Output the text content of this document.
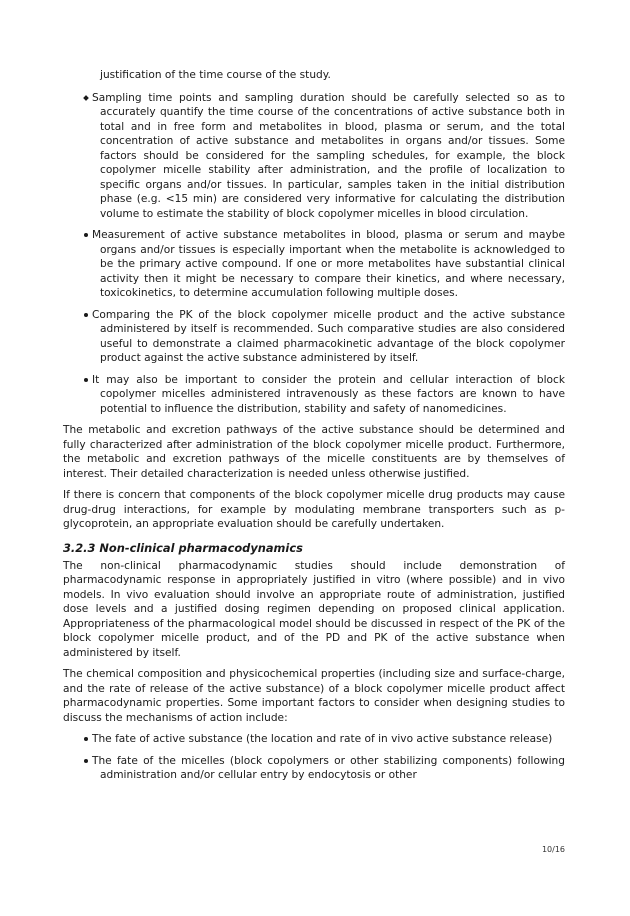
justification of the time course of the study.

Sampling time points and sampling duration should be carefully selected so as to accurately quantify the time course of the concentrations of active substance both in total and in free form and metabolites in blood, plasma or serum, and the total concentration of active substance and metabolites in organs and/or tissues. Some factors should be considered for the sampling schedules, for example, the block copolymer micelle stability after administration, and the profile of localization to specific organs and/or tissues. In particular, samples taken in the initial distribution phase (e.g. <15 min) are considered very informative for calculating the distribution volume to estimate the stability of block copolymer micelles in blood circulation.

Measurement of active substance metabolites in blood, plasma or serum and maybe organs and/or tissues is especially important when the metabolite is acknowledged to be the primary active compound. If one or more metabolites have substantial clinical activity then it might be necessary to compare their kinetics, and where necessary, toxicokinetics, to determine accumulation following multiple doses.

Comparing the PK of the block copolymer micelle product and the active substance administered by itself is recommended. Such comparative studies are also considered useful to demonstrate a claimed pharmacokinetic advantage of the block copolymer product against the active substance administered by itself.

It may also be important to consider the protein and cellular interaction of block copolymer micelles administered intravenously as these factors are known to have potential to influence the distribution, stability and safety of nanomedicines.

The metabolic and excretion pathways of the active substance should be determined and fully characterized after administration of the block copolymer micelle product. Furthermore, the metabolic and excretion pathways of the micelle constituents are by themselves of interest. Their detailed characterization is needed unless otherwise justified.

If there is concern that components of the block copolymer micelle drug products may cause drug-drug interactions, for example by modulating membrane transporters such as p-glycoprotein, an appropriate evaluation should be carefully undertaken.

3.2.3 Non-clinical pharmacodynamics

The non-clinical pharmacodynamic studies should include demonstration of pharmacodynamic response in appropriately justified in vitro (where possible) and in vivo models. In vivo evaluation should involve an appropriate route of administration, justified dose levels and a justified dosing regimen depending on proposed clinical application. Appropriateness of the pharmacological model should be discussed in respect of the PK of the block copolymer micelle product, and of the PD and PK of the active substance when administered by itself.

The chemical composition and physicochemical properties (including size and surface-charge, and the rate of release of the active substance) of a block copolymer micelle product affect pharmacodynamic properties. Some important factors to consider when designing studies to discuss the mechanisms of action include:

The fate of active substance (the location and rate of in vivo active substance release)

The fate of the micelles (block copolymers or other stabilizing components) following administration and/or cellular entry by endocytosis or other

10/16
